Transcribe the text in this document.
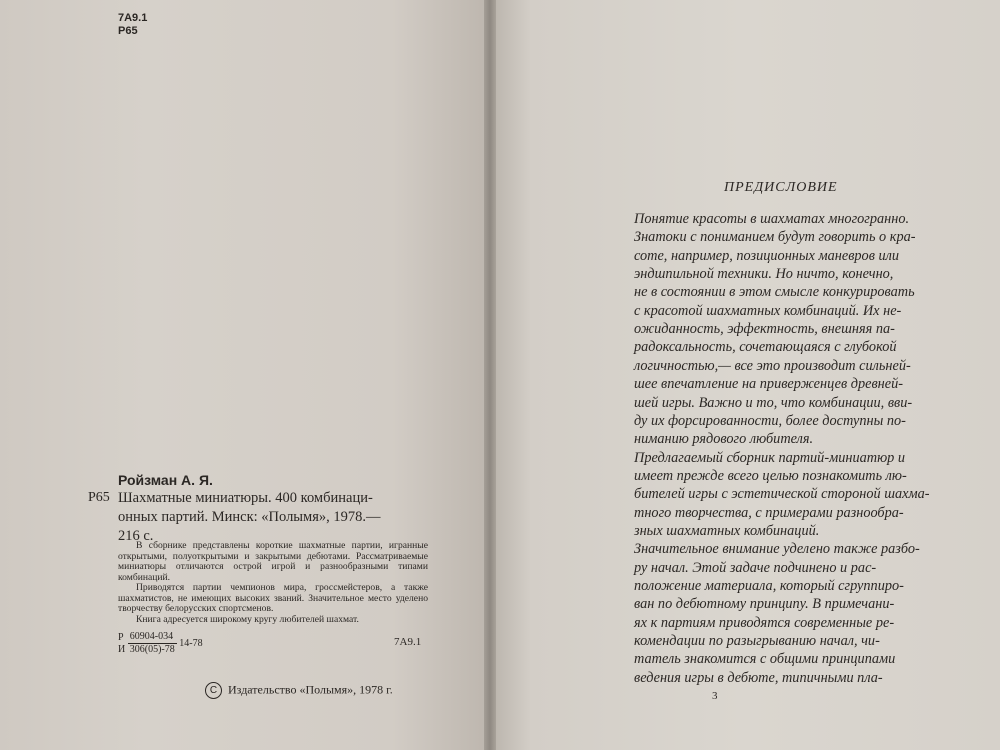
7А9.1
Р65
Ройзман А. Я.
Р65 Шахматные миниатюры. 400 комбинаци-
онных партий. Минск: «Полымя», 1978.—
216 с.

В сборнике представлены короткие шахматные партии, игранные открытыми, полуоткрытыми и закрытыми дебютами. Рассматриваемые миниатюры отличаются острой игрой и разнообразными типами комбинаций.

Приводятся партии чемпионов мира, гроссмейстеров, а также шахматистов, не имеющих высоких званий. Значительное место уделено творчеству белорусских спортсменов.

Книга адресуется широкому кругу любителей шахмат.

Р
И
$\frac{60904-034}{306(05)-78} 14-78$	7А9.1
C Издательство «Полымя», 1978 г.
ПРЕДИСЛОВИЕ
Понятие красоты в шахматах многогранно.
Знатоки с пониманием будут говорить о кра-
соте, например, позиционных маневров или
эндшпильной техники. Но ничто, конечно,
не в состоянии в этом смысле конкурировать
с красотой шахматных комбинаций. Их не-
ожиданность, эффектность, внешняя па-
радоксальность, сочетающаяся с глубокой
логичностью,— все это производит сильней-
шее впечатление на приверженцев древней-
шей игры. Важно и то, что комбинации, вви-
ду их форсированности, более доступны по-
ниманию рядового любителя.
Предлагаемый сборник партий-миниатюр и
имеет прежде всего целью познакомить лю-
бителей игры с эстетической стороной шахма-
тного творчества, с примерами разнообра-
зных шахматных комбинаций.
Значительное внимание уделено также разбо-
ру начал. Этой задаче подчинено и рас-
положение материала, который сгруппиро-
ван по дебютному принципу. В примечани-
ях к партиям приводятся современные ре-
комендации по разыгрыванию начал, чи-
татель знакомится с общими принципами
ведения игры в дебюте, типичными пла-
3
